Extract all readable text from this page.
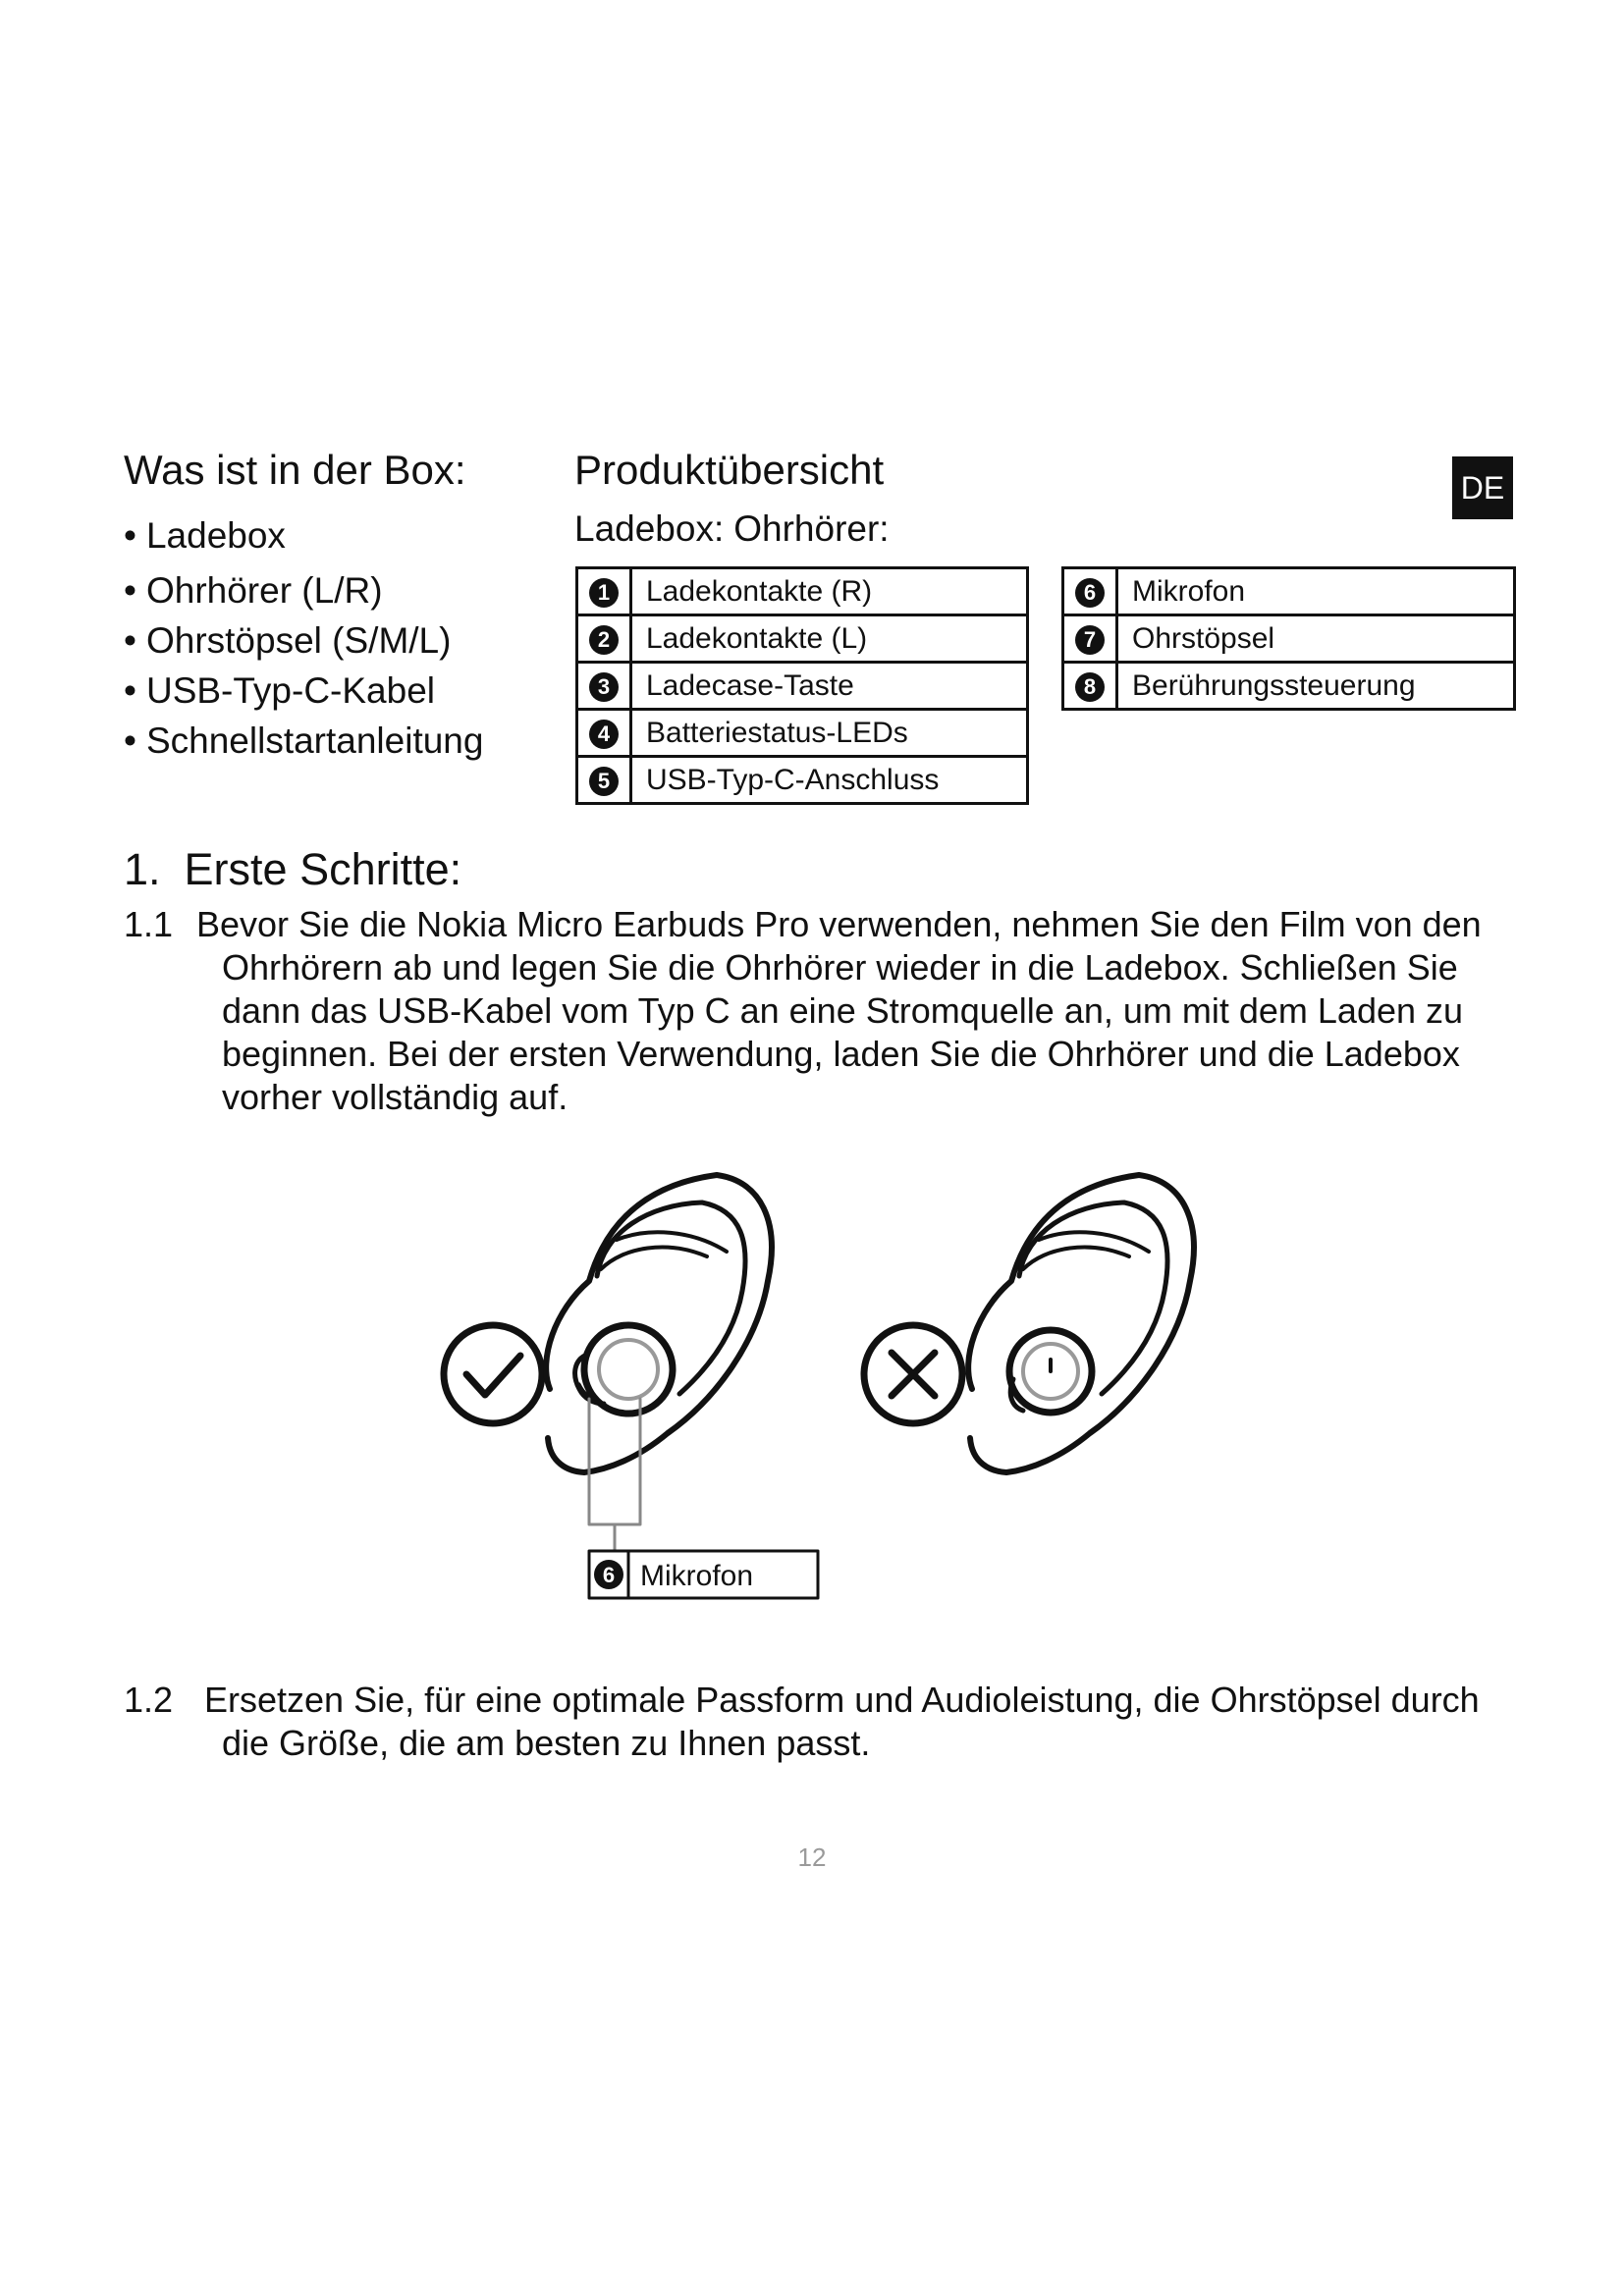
Was ist in der Box:
• Ladebox
• Ohrhörer (L/R)
• Ohrstöpsel (S/M/L)
• USB-Typ-C-Kabel
• Schnellstartanleitung
Produktübersicht	DE
Ladebox: Ohrhörer:
1	Ladekontakte (R)
2	Ladekontakte (L)
3	Ladecase-Taste
4	Batteriestatus-LEDs
5	USB-Typ-C-Anschluss
6	Mikrofon
7	Ohrstöpsel
8	Berührungssteuerung
1. Erste Schritte:
1.1 Bevor Sie die Nokia Micro Earbuds Pro verwenden, nehmen Sie den Film von den Ohrhörern ab und legen Sie die Ohrhörer wieder in die Ladebox. Schließen Sie dann das USB-Kabel vom Typ C an eine Stromquelle an, um mit dem Laden zu beginnen. Bei der ersten Verwendung, laden Sie die Ohrhörer und die Ladebox vorher vollständig auf.
6 Mikrofon
1.2 Ersetzen Sie, für eine optimale Passform und Audioleistung, die Ohrstöpsel durch die Größe, die am besten zu Ihnen passt.
12
